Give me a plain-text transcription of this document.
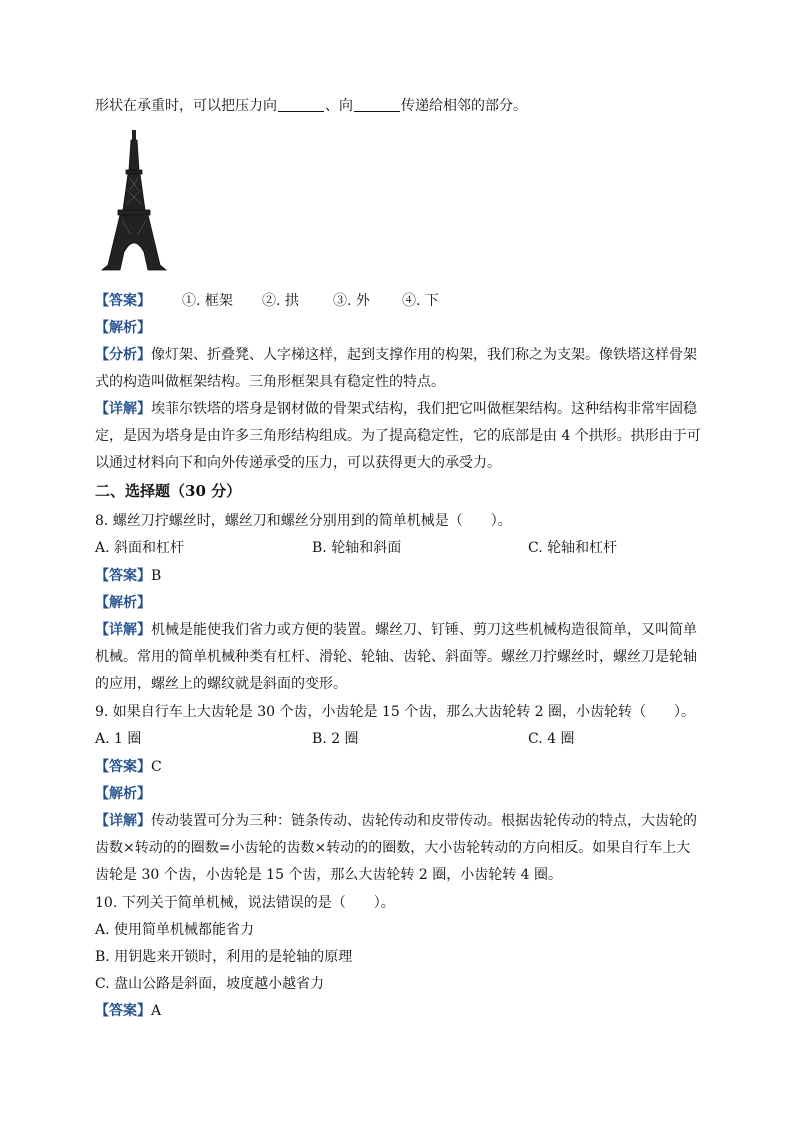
形状在承重时，可以把压力向	、向	传递给相邻的部分。
【答案】 ①. 框架 ②. 拱 ③. 外 ④. 下
【解析】
【分析】像灯架、折叠凳、人字梯这样，起到支撑作用的构架，我们称之为支架。像铁塔这样骨架
式的构造叫做框架结构。三角形框架具有稳定性的特点。
【详解】埃菲尔铁塔的塔身是钢材做的骨架式结构，我们把它叫做框架结构。这种结构非常牢固稳
定，是因为塔身是由许多三角形结构组成。为了提高稳定性，它的底部是由 4 个拱形。拱形由于可
以通过材料向下和向外传递承受的压力，可以获得更大的承受力。
二、选择题（30 分）
8. 螺丝刀拧螺丝时，螺丝刀和螺丝分别用到的简单机械是（　　）。
A. 斜面和杠杆	B. 轮轴和斜面	C. 轮轴和杠杆
【答案】B
【解析】
【详解】机械是能使我们省力或方便的装置。螺丝刀、钉锤、剪刀这些机械构造很简单，又叫简单
机械。常用的简单机械种类有杠杆、滑轮、轮轴、齿轮、斜面等。螺丝刀拧螺丝时，螺丝刀是轮轴
的应用，螺丝上的螺纹就是斜面的变形。
9. 如果自行车上大齿轮是 30 个齿，小齿轮是 15 个齿，那么大齿轮转 2 圈，小齿轮转（　　）。
A. 1 圈	B. 2 圈	C. 4 圈
【答案】C
【解析】
【详解】传动装置可分为三种：链条传动、齿轮传动和皮带传动。根据齿轮传动的特点，大齿轮的
齿数×转动的的圈数=小齿轮的齿数×转动的的圈数，大小齿轮转动的方向相反。如果自行车上大
齿轮是 30 个齿，小齿轮是 15 个齿，那么大齿轮转 2 圈，小齿轮转 4 圈。
10. 下列关于简单机械，说法错误的是（　　）。
A. 使用简单机械都能省力
B. 用钥匙来开锁时，利用的是轮轴的原理
C. 盘山公路是斜面，坡度越小越省力
【答案】A
